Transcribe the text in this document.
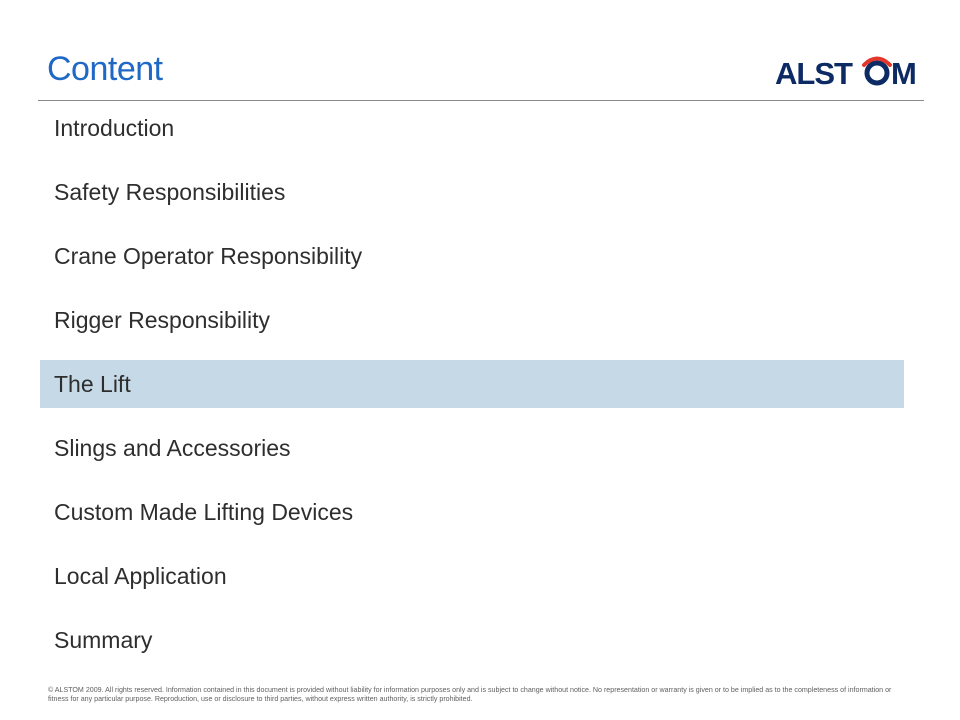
Content	ALST M
Introduction
Safety Responsibilities
Crane Operator Responsibility
Rigger Responsibility
The Lift
Slings and Accessories
Custom Made Lifting Devices
Local Application
Summary
© ALSTOM 2009. All rights reserved. Information contained in this document is provided without liability for information purposes only and is subject to change without notice. No representation or warranty is given or to be implied as to the completeness of information or fitness for any particular purpose. Reproduction, use or disclosure to third parties, without express written authority, is strictly prohibited.
